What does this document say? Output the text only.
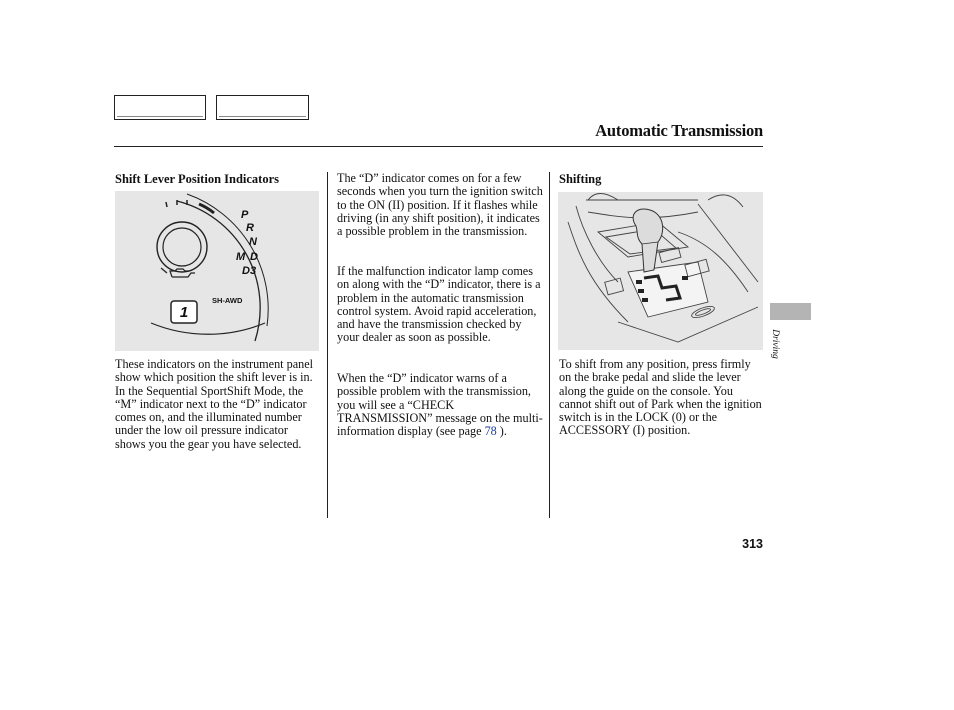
Automatic Transmission
Shift Lever Position Indicators
1
P
R
N
M D
D3
SH-AWD

These indicators on the instrument panel show which position the shift lever is in. In the Sequential SportShift Mode, the “M” indicator next to the “D” indicator comes on, and the illuminated number under the low oil pressure indicator shows you the gear you have selected.

The “D” indicator comes on for a few seconds when you turn the ignition switch to the ON (II) position. If it flashes while driving (in any shift position), it indicates a possible problem in the transmission.

If the malfunction indicator lamp comes on along with the “D” indicator, there is a problem in the automatic transmission control system. Avoid rapid acceleration, and have the transmission checked by your dealer as soon as possible.

When the “D” indicator warns of a possible problem with the transmission, you will see a “CHECK TRANSMISSION” message on the multi-information display (see page 78 ).

Shifting

To shift from any position, press firmly on the brake pedal and slide the lever along the guide on the console. You cannot shift out of Park when the ignition switch is in the LOCK (0) or the ACCESSORY (I) position.

Driving
313
